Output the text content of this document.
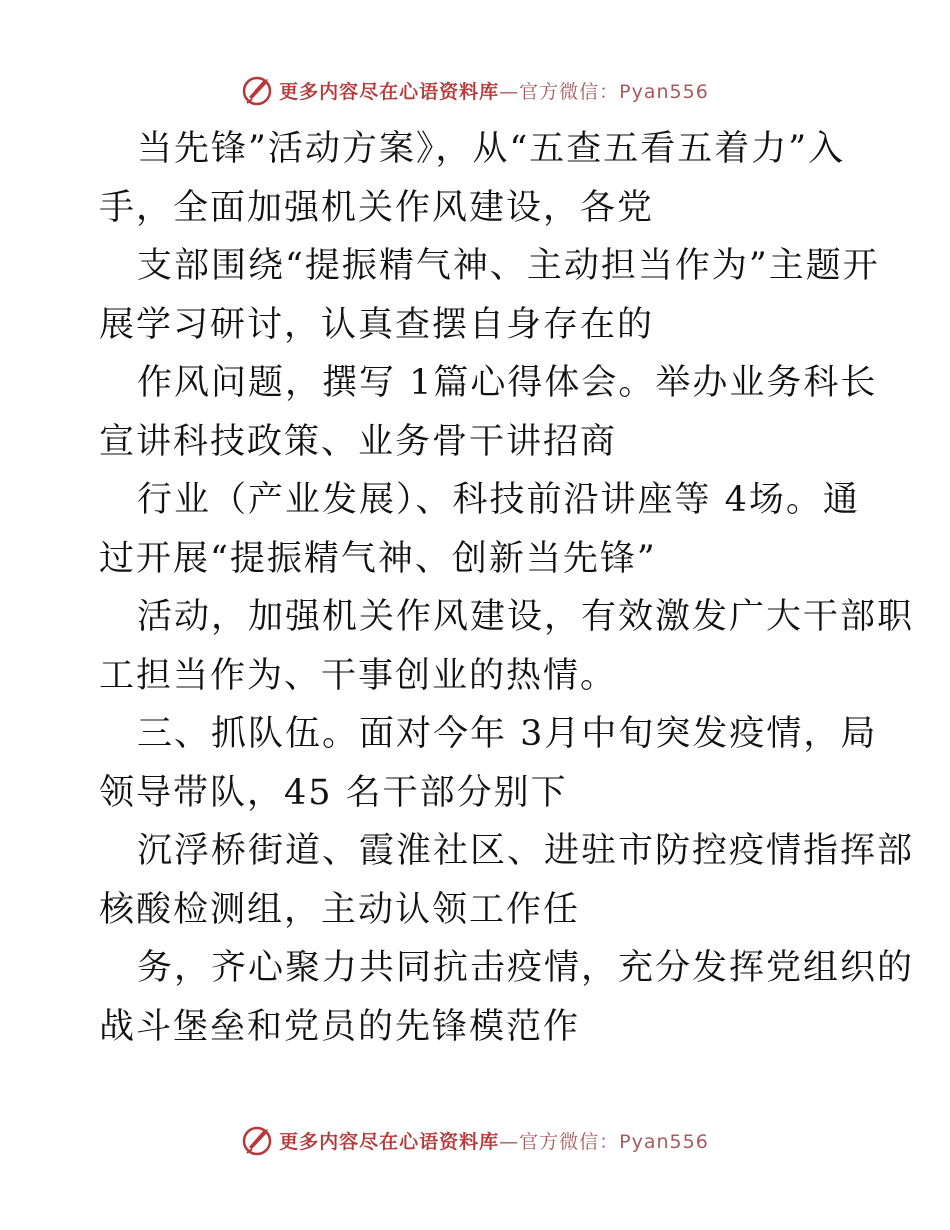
更多内容尽在心语资料库—官方微信：Pyan556

当先锋”活动方案》，从“五查五看五着力”入

手，全面加强机关作风建设，各党

支部围绕“提振精气神、主动担当作为”主题开

展学习研讨，认真查摆自身存在的

作风问题，撰写 1篇心得体会。举办业务科长

宣讲科技政策、业务骨干讲招商

行业（产业发展）、科技前沿讲座等 4场。通

过开展“提振精气神、创新当先锋”

活动，加强机关作风建设，有效激发广大干部职

工担当作为、干事创业的热情。

三、抓队伍。面对今年 3月中旬突发疫情，局

领导带队，45 名干部分别下

沉浮桥街道、霞淮社区、进驻市防控疫情指挥部

核酸检测组，主动认领工作任

务，齐心聚力共同抗击疫情，充分发挥党组织的

战斗堡垒和党员的先锋模范作

更多内容尽在心语资料库—官方微信：Pyan556
